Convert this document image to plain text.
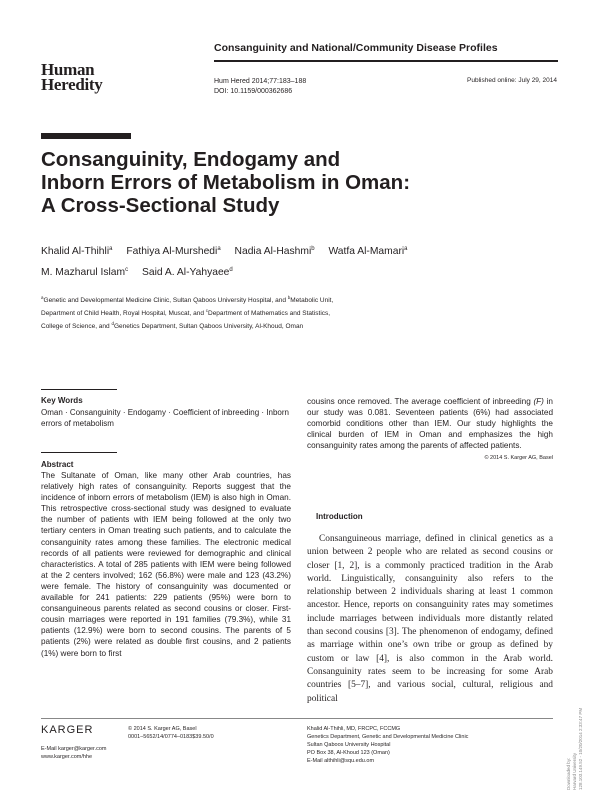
Consanguinity and National/Community Disease Profiles
Human
Heredity	Hum Hered 2014;77:183–188
DOI: 10.1159/000362686
Published online: July 29, 2014
Consanguinity, Endogamy and
Inborn Errors of Metabolism in Oman:
A Cross-Sectional Study
Khalid Al-Thihli$^a$ Fathiya Al-Murshedi$^a$ Nadia Al-Hashmi$^b$ Watfa Al-Mamari$^a$
M. Mazharul Islam$^c$ Said A. Al-Yahyaee$^d$
$^a$Genetic and Developmental Medicine Clinic, Sultan Qaboos University Hospital, and $^b$Metabolic Unit,
Department of Child Health, Royal Hospital, Muscat, and $^c$Department of Mathematics and Statistics,
College of Science, and $^d$Genetics Department, Sultan Qaboos University, Al-Khoud, Oman
Key Words
Oman · Consanguinity · Endogamy · Coefficient of inbreeding · Inborn errors of metabolism
Abstract
The Sultanate of Oman, like many other Arab countries, has relatively high rates of consanguinity. Reports suggest that the incidence of inborn errors of metabolism (IEM) is also high in Oman. This retrospective cross-sectional study was designed to evaluate the number of patients with IEM being followed at the only two tertiary centers in Oman treating such patients, and to calculate the consanguinity rates among these families. The electronic medical records of all patients were reviewed for demographic and clinical characteristics. A total of 285 patients with IEM were being followed at the 2 centers involved; 162 (56.8%) were male and 123 (43.2%) were female. The history of consanguinity was documented or available for 241 patients: 229 patients (95%) were born to consanguineous parents related as second cousins or closer. First-cousin marriages were reported in 191 families (79.3%), while 31 patients (12.9%) were born to second cousins. The parents of 5 patients (2%) were related as double first cousins, and 2 patients (1%) were born to first
cousins once removed. The average coefficient of inbreeding (F) in our study was 0.081. Seventeen patients (6%) had associated comorbid conditions other than IEM. Our study highlights the clinical burden of IEM in Oman and emphasizes the high consanguinity rates among the parents of affected patients.
© 2014 S. Karger AG, Basel
Introduction
Consanguineous marriage, defined in clinical genetics as a union between 2 people who are related as second cousins or closer [1, 2], is a commonly practiced tradition in the Arab world. Linguistically, consanguinity also refers to the relationship between 2 individuals sharing at least 1 common ancestor. Hence, reports on consanguinity rates may sometimes include marriages between individuals more distantly related than second cousins [3]. The phenomenon of endogamy, defined as marriage within one’s own tribe or group as defined by custom or law [4], is also common in the Arab world. Consanguinity rates seem to be increasing for some Arab countries [5–7], and various social, cultural, religious and political
KARGER	© 2014 S. Karger AG, Basel
0001–5652/14/0774–0183$39.50/0
E-Mail karger@karger.com
www.karger.com/hhe
Khalid Al-Thihli, MD, FRCPC, FCCMG
Genetics Department, Genetic and Developmental Medicine Clinic
Sultan Qaboos University Hospital
PO Box 38, Al-Khoud 123 (Oman)
E-Mail althihli@squ.edu.om	Downloaded by: Harvard University 128.103.149.52 - 10/20/2014 2:33:47 PM
